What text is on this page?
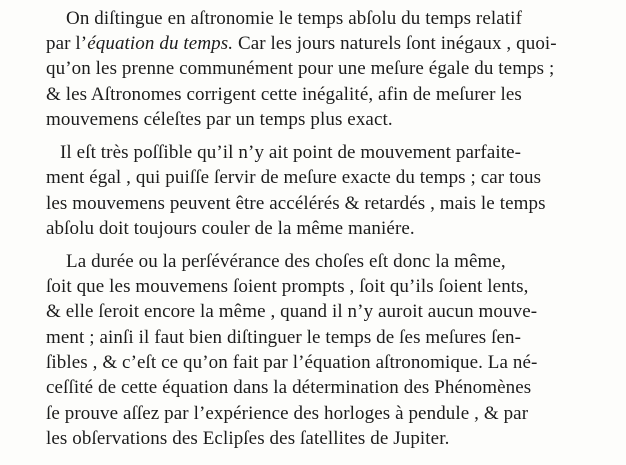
On diſtingue en aſtronomie le temps abſolu du temps relatif
par l’équation du temps. Car les jours naturels ſont inégaux , quoi-
qu’on les prenne communément pour une meſure égale du temps ;
& les Aſtronomes corrigent cette inégalité, afin de meſurer les
mouvemens céleſtes par un temps plus exact.
Il eſt très poſſible qu’il n’y ait point de mouvement parfaite-
ment égal , qui puiſſe ſervir de meſure exacte du temps ; car tous
les mouvemens peuvent être accélérés & retardés , mais le temps
abſolu doit toujours couler de la même maniére.
La durée ou la perſévérance des choſes eſt donc la même,
ſoit que les mouvemens ſoient prompts , ſoit qu’ils ſoient lents,
& elle ſeroit encore la même , quand il n’y auroit aucun mouve-
ment ; ainſi il faut bien diſtinguer le temps de ſes meſures ſen-
ſibles , & c’eſt ce qu’on fait par l’équation aſtronomique. La né-
ceſſité de cette équation dans la détermination des Phénomènes
ſe prouve aſſez par l’expérience des horloges à pendule , & par
les obſervations des Eclipſes des ſatellites de Jupiter.
